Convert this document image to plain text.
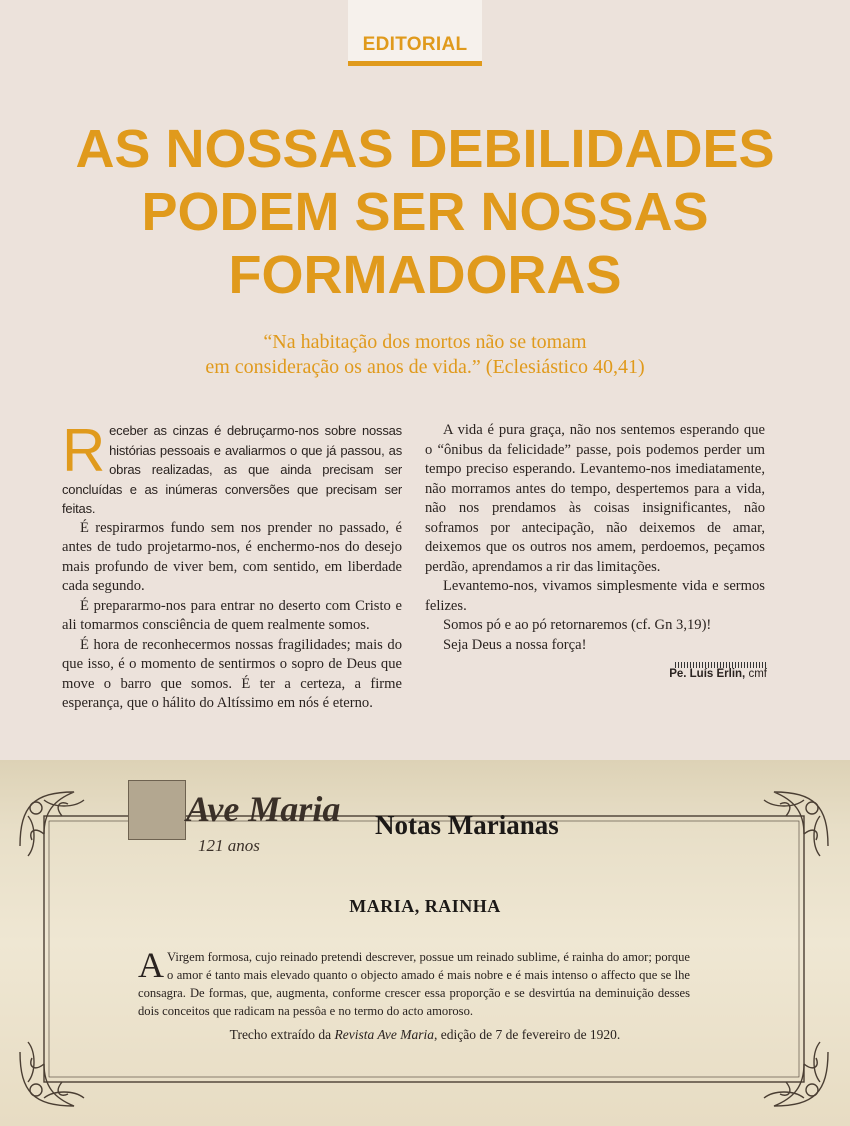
EDITORIAL
AS NOSSAS DEBILIDADES
PODEM SER NOSSAS
FORMADORAS

“Na habitação dos mortos não se tomam
em consideração os anos de vida.” (Eclesiástico 40,41)

Receber as cinzas é debruçarmo-nos sobre nossas histórias pessoais e avaliarmos o que já passou, as obras realizadas, as que ainda precisam ser concluídas e as inúmeras conversões que precisam ser feitas.

É respirarmos fundo sem nos prender no passado, é antes de tudo projetarmo-nos, é enchermo-nos do desejo mais profundo de viver bem, com sentido, em liberdade cada segundo.

É prepararmo-nos para entrar no deserto com Cristo e ali tomarmos consciência de quem realmente somos.

É hora de reconhecermos nossas fragilidades; mais do que isso, é o momento de sentirmos o sopro de Deus que move o barro que somos. É ter a certeza, a firme esperança, que o hálito do Altíssimo em nós é eterno.

A vida é pura graça, não nos sentemos esperando que o “ônibus da felicidade” passe, pois podemos perder um tempo preciso esperando. Levantemo-nos imediatamente, não morramos antes do tempo, despertemos para a vida, não nos prendamos às coisas insignificantes, não soframos por antecipação, não deixemos de amar, deixemos que os outros nos amem, perdoemos, peçamos perdão, aprendamos a rir das limitações.

Levantemo-nos, vivamos simplesmente vida e sermos felizes.

Somos pó e ao pó retornaremos (cf. Gn 3,19)!

Seja Deus a nossa força!

Pe. Luís Erlin, cmf
Ave Maria
121 anos
Notas Marianas
MARIA, RAINHA

A Virgem formosa, cujo reinado pretendi descrever, possue um reinado sublime, é rainha do amor; porque o amor é tanto mais elevado quanto o objecto amado é mais nobre e é mais intenso o affecto que se lhe consagra. De formas, que, augmenta, conforme crescer essa proporção e se desvirtúa na deminuição desses dois conceitos que radicam na pessôa e no termo do acto amoroso.

Trecho extraído da Revista Ave Maria, edição de 7 de fevereiro de 1920.
